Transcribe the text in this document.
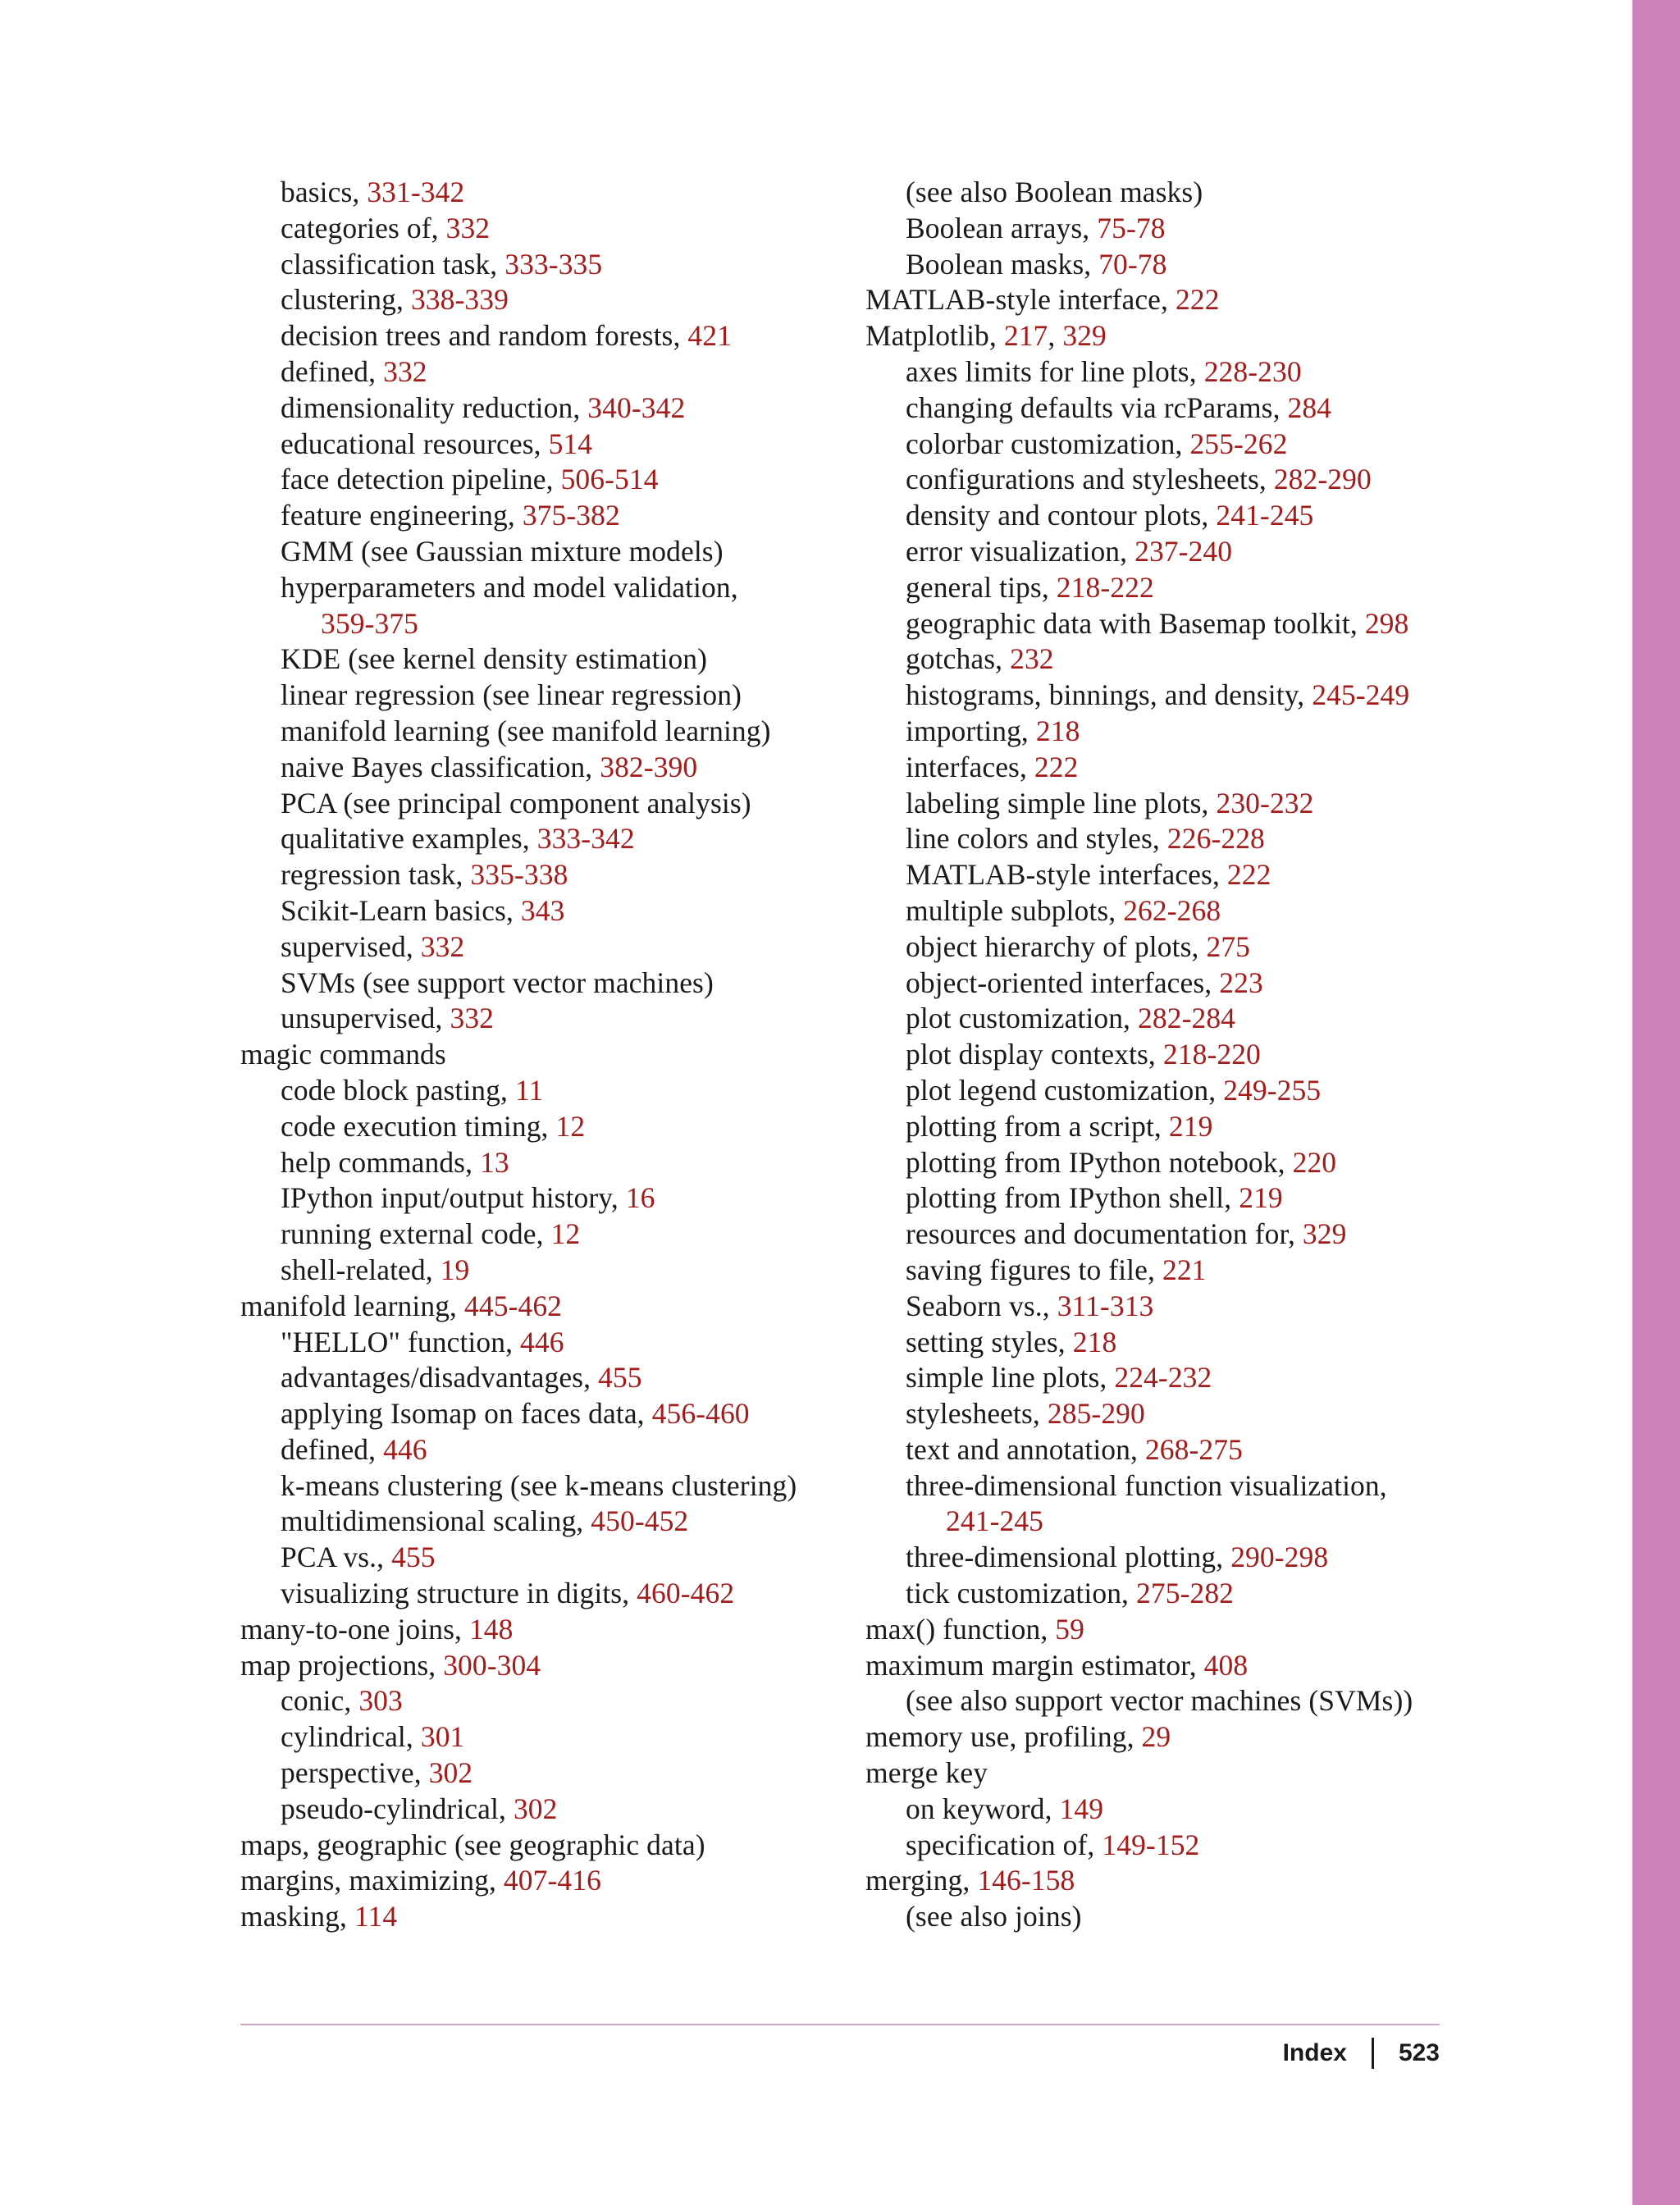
basics, 331-342
categories of, 332
classification task, 333-335
clustering, 338-339
decision trees and random forests, 421
defined, 332
dimensionality reduction, 340-342
educational resources, 514
face detection pipeline, 506-514
feature engineering, 375-382
GMM (see Gaussian mixture models)
hyperparameters and model validation,
359-375
KDE (see kernel density estimation)
linear regression (see linear regression)
manifold learning (see manifold learning)
naive Bayes classification, 382-390
PCA (see principal component analysis)
qualitative examples, 333-342
regression task, 335-338
Scikit-Learn basics, 343
supervised, 332
SVMs (see support vector machines)
unsupervised, 332
magic commands
code block pasting, 11
code execution timing, 12
help commands, 13
IPython input/output history, 16
running external code, 12
shell-related, 19
manifold learning, 445-462
"HELLO" function, 446
advantages/disadvantages, 455
applying Isomap on faces data, 456-460
defined, 446
k-means clustering (see k-means clustering)
multidimensional scaling, 450-452
PCA vs., 455
visualizing structure in digits, 460-462
many-to-one joins, 148
map projections, 300-304
conic, 303
cylindrical, 301
perspective, 302
pseudo-cylindrical, 302
maps, geographic (see geographic data)
margins, maximizing, 407-416
masking, 114
(see also Boolean masks)
Boolean arrays, 75-78
Boolean masks, 70-78
MATLAB-style interface, 222
Matplotlib, 217, 329
axes limits for line plots, 228-230
changing defaults via rcParams, 284
colorbar customization, 255-262
configurations and stylesheets, 282-290
density and contour plots, 241-245
error visualization, 237-240
general tips, 218-222
geographic data with Basemap toolkit, 298
gotchas, 232
histograms, binnings, and density, 245-249
importing, 218
interfaces, 222
labeling simple line plots, 230-232
line colors and styles, 226-228
MATLAB-style interfaces, 222
multiple subplots, 262-268
object hierarchy of plots, 275
object-oriented interfaces, 223
plot customization, 282-284
plot display contexts, 218-220
plot legend customization, 249-255
plotting from a script, 219
plotting from IPython notebook, 220
plotting from IPython shell, 219
resources and documentation for, 329
saving figures to file, 221
Seaborn vs., 311-313
setting styles, 218
simple line plots, 224-232
stylesheets, 285-290
text and annotation, 268-275
three-dimensional function visualization,
241-245
three-dimensional plotting, 290-298
tick customization, 275-282
max() function, 59
maximum margin estimator, 408
(see also support vector machines (SVMs))
memory use, profiling, 29
merge key
on keyword, 149
specification of, 149-152
merging, 146-158
(see also joins)
Index 523
